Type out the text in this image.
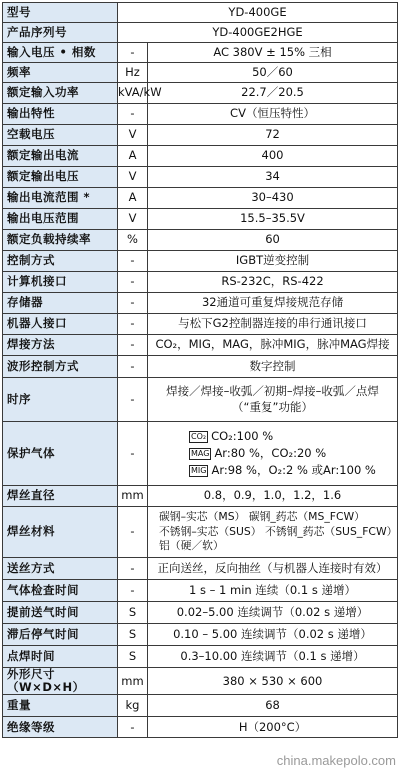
型号	YD-400GE	
产品序列号	YD-400GE2HGE	
输入电压 • 相数	-	AC 380V ± 15% 三相
频率	Hz	50／60
额定输入功率	kVA/kW	22.7／20.5
输出特性	-	CV（恒压特性）
空载电压	V	72
额定输出电流	A	400
额定输出电压	V	34
输出电流范围 *	A	30–430
输出电压范围	V	15.5–35.5V
额定负载持续率	%	60
控制方式	-	IGBT逆变控制
计算机接口	-	RS-232C，RS-422
存储器	-	32通道可重复焊接规范存储
机器人接口	-	与松下G2控制器连接的串行通讯接口
焊接方法	-	CO₂，MIG，MAG，脉冲MIG，脉冲MAG焊接
波形控制方式	-	数字控制
时序	-	焊接／焊接–收弧／初期–焊接–收弧／点焊
（“重复”功能）

保护气体	-	CO₂ CO₂:100 %
MAG Ar:80 %，CO₂:20 %
MIG Ar:98 %，O₂:2 % 或Ar:100 %

焊丝直径	mm	0.8，0.9，1.0，1.2，1.6
焊丝材料	-	碳钢–实芯（MS） 碳钢_药芯（MS_FCW）
不锈钢–实芯（SUS） 不锈钢_药芯（SUS_FCW）
铝（硬／软）

送丝方式	-	正向送丝，反向抽丝（与机器人连接时有效）
气体检查时间	-	1 s – 1 min 连续（0.1 s 递增）
提前送气时间	S	0.02–5.00 连续调节（0.02 s 递增）
滞后停气时间	S	0.10 – 5.00 连续调节（0.02 s 递增）
点焊时间	S	0.3–10.00 连续调节（0.1 s 递增）
外形尺寸（W×D×H）	mm	380 × 530 × 600
重量	kg	68
绝缘等级	-	H（200°C）
china.makepolo.com
